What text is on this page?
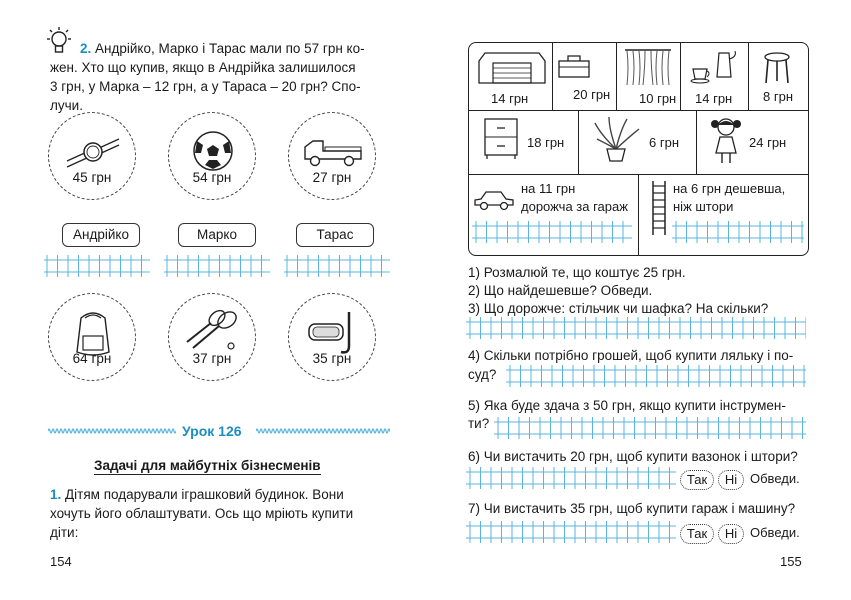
2. Андрійко, Марко і Тарас мали по 57 грн ко-
жен. Хто що купив, якщо в Андрійка залишилося
3 грн, у Марка – 12 грн, а у Тараса – 20 грн? Спо-
лучи.
45 грн	54 грн	27 грн
Андрійко	Марко	Тарас
64 грн	37 грн	35 грн
Урок 126
Задачі для майбутніх бізнесменів
1. Дітям подарували іграшковий будинок. Вони
хочуть його облаштувати. Ось що мріють купити
діти:
154
14 грн	20 грн 10 грн 14 грн 8 грн
18 грн	6 грн	24 грн
на 11 грн
дорожча за гараж
на 6 грн дешевша,
ніж штори
1) Розмалюй те, що коштує 25 грн.
2) Що найдешевше? Обведи.
3) Що дорожче: стільчик чи шафка? На скільки?
4) Скільки потрібно грошей, щоб купити ляльку і по-
суд?
5) Яка буде здача з 50 грн, якщо купити інструмен-
ти?
6) Чи вистачить 20 грн, щоб купити вазонок і штори?
Так	Ні Обведи.
7) Чи вистачить 35 грн, щоб купити гараж і машину?
Так	Ні Обведи.
155
